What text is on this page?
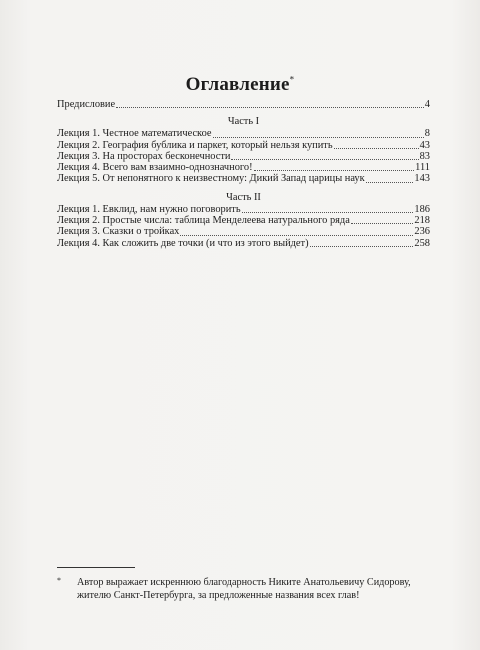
Оглавление*
Предисловие	4
Часть I
Лекция 1. Честное математическое	8
Лекция 2. География бублика и паркет, который нельзя купить	43
Лекция 3. На просторах бесконечности	83
Лекция 4. Всего вам взаимно-однозначного!	111
Лекция 5. От непонятного к неизвестному: Дикий Запад царицы наук	143
Часть II
Лекция 1. Евклид, нам нужно поговорить	186
Лекция 2. Простые числа: таблица Менделеева натурального ряда	218
Лекция 3. Сказки о тройках	236
Лекция 4. Как сложить две точки (и что из этого выйдет)	258
*	Автор выражает искреннюю благодарность Никите Анатольевичу Сидорову, жителю Санкт-Петербурга, за предложенные названия всех глав!
